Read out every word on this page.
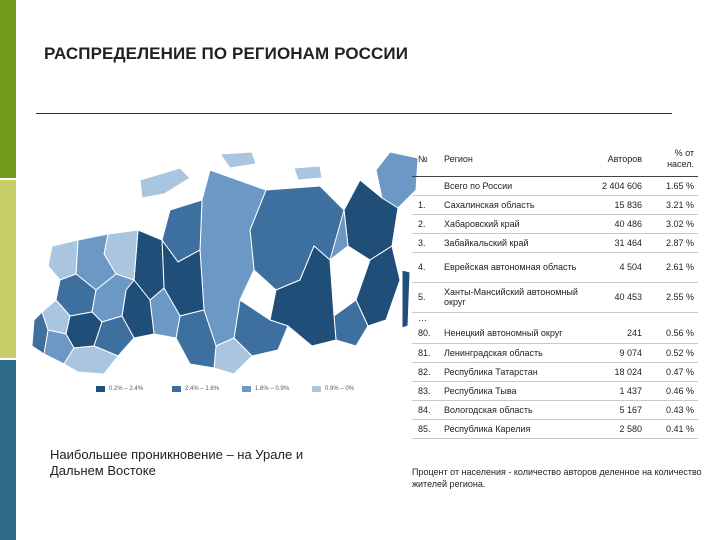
РАСПРЕДЕЛЕНИЕ ПО РЕГИОНАМ РОССИИ
0.2% – 2.4%	2.4% – 1.6%	1.6% – 0.9%	0.9% – 0%
Наибольшее проникновение – на Урале и Дальнем Востоке
№	Регион	Авторов	% от
насел.
	Всего по России	2 404 606	1.65 %
1.	Сахалинская область	15 836	3.21 %
2.	Хабаровский край	40 486	3.02 %
3.	Забайкальский край	31 464	2.87 %
4.	Еврейская автономная область	4 504	2.61 %
5.	Ханты-Мансийский автономный округ	40 453	2.55 %
…			
80.	Ненецкий автономный округ	241	0.56 %
81.	Ленинградская область	9 074	0.52 %
82.	Республика Татарстан	18 024	0.47 %
83.	Республика Тыва	1 437	0.46 %
84.	Вологодская область	5 167	0.43 %
85.	Республика Карелия	2 580	0.41 %
Процент от населения - количество авторов деленное на количество жителей региона.
